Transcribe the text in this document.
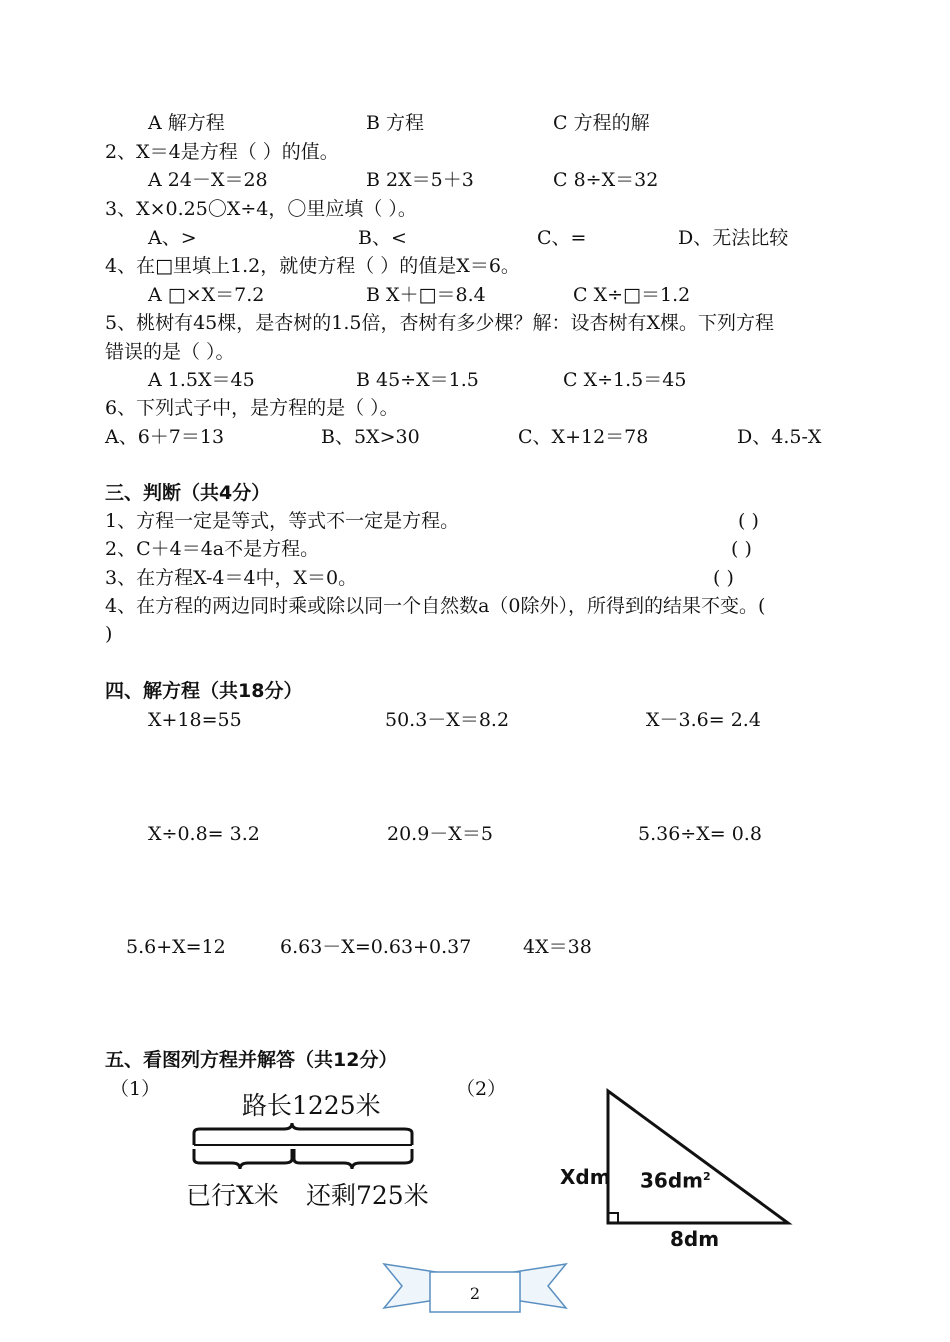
A 解方程	B 方程	C 方程的解
2、X＝4是方程（ ）的值。
A 24－X＝28	B 2X＝5＋3	C 8÷X＝32
3、X×0.25〇X÷4，〇里应填（ ）。
A、>	B、<	C、=	D、无法比较
4、在□里填上1.2，就使方程（ ）的值是X＝6。
A □×X＝7.2	B X＋□＝8.4	C X÷□＝1.2
5、桃树有45棵，是杏树的1.5倍，杏树有多少棵？解：设杏树有X棵。下列方程
错误的是（ ）。
A 1.5X＝45	B 45÷X＝1.5	C X÷1.5＝45
6、下列式子中，是方程的是（ ）。
A、6＋7＝13	B、5X>30	C、X+12＝78	D、4.5-X
三、判断（共4分）
1、方程一定是等式，等式不一定是方程。	( )
2、C＋4＝4a不是方程。	( )
3、在方程X-4＝4中，X＝0。	( )
4、在方程的两边同时乘或除以同一个自然数a（0除外），所得到的结果不变。(
)
四、解方程（共18分）
X+18=55	50.3－X＝8.2	X－3.6= 2.4
X÷0.8= 3.2	20.9－X＝5	5.36÷X= 0.8
5.6+X=12	6.63－X=0.63+0.37	4X＝38
五、看图列方程并解答（共12分）
（1）	（2）
路长1225米
已行X米 还剩725米
Xdm $36dm^2$
8dm
2
